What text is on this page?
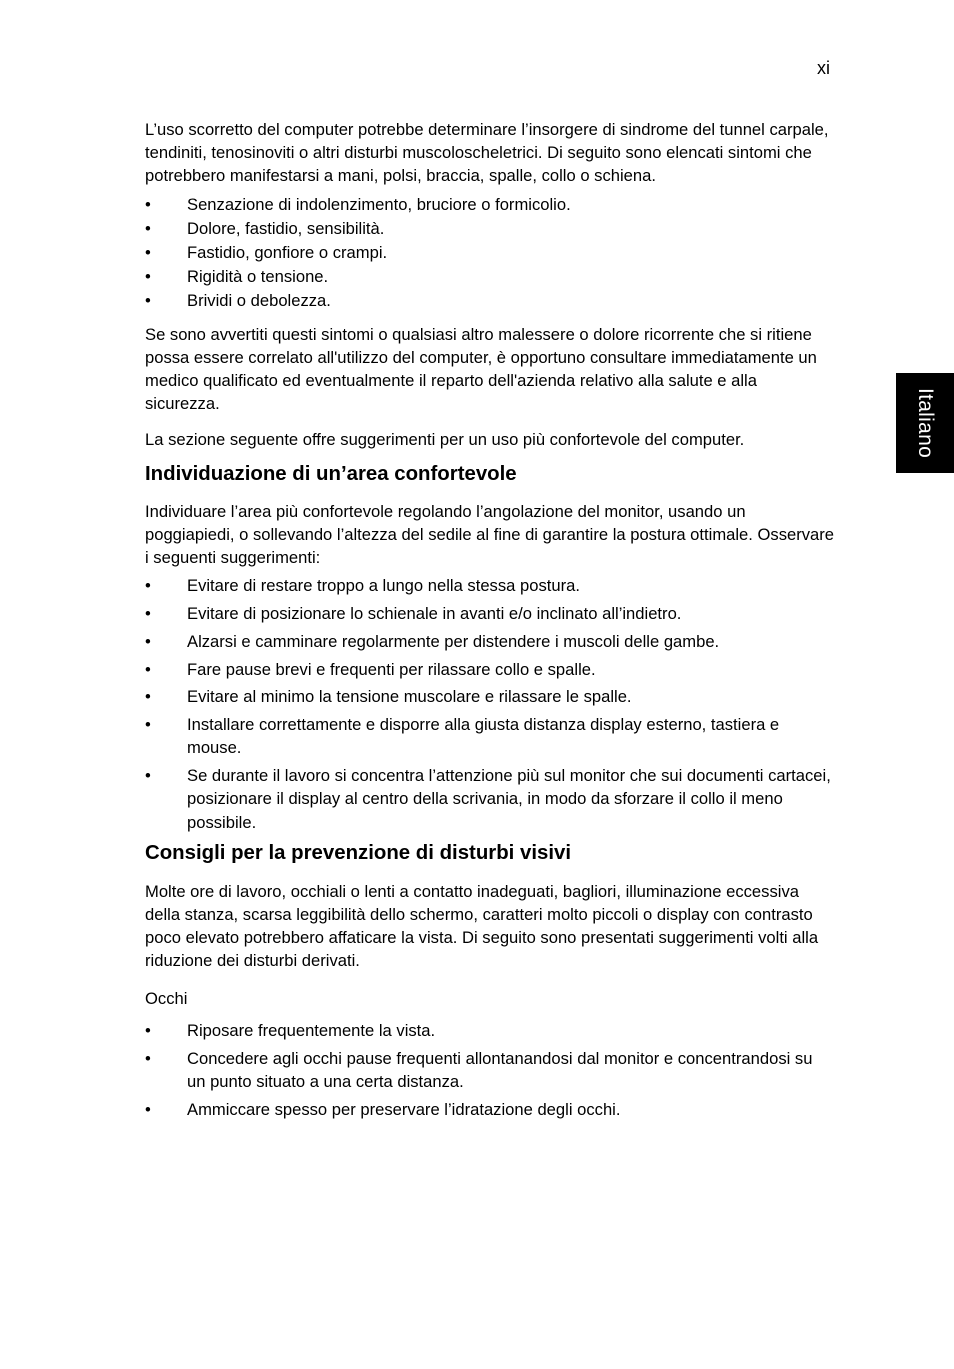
xi
Italiano

L’uso scorretto del computer potrebbe determinare l’insorgere di sindrome del tunnel carpale, tendiniti, tenosinoviti o altri disturbi muscoloscheletrici. Di seguito sono elencati sintomi che potrebbero manifestarsi a mani, polsi, braccia, spalle, collo o schiena.

• Senzazione di indolenzimento, bruciore o formicolio.
• Dolore, fastidio, sensibilità.
• Fastidio, gonfiore o crampi.
• Rigidità o tensione.
• Brividi o debolezza.

Se sono avvertiti questi sintomi o qualsiasi altro malessere o dolore ricorrente che si ritiene possa essere correlato all'utilizzo del computer, è opportuno consultare immediatamente un medico qualificato ed eventualmente il reparto dell'azienda relativo alla salute e alla sicurezza.

La sezione seguente offre suggerimenti per un uso più confortevole del computer.

Individuazione di un’area confortevole

Individuare l’area più confortevole regolando l’angolazione del monitor, usando un poggiapiedi, o sollevando l’altezza del sedile al fine di garantire la postura ottimale. Osservare i seguenti suggerimenti:

• Evitare di restare troppo a lungo nella stessa postura.
• Evitare di posizionare lo schienale in avanti e/o inclinato all’indietro.
• Alzarsi e camminare regolarmente per distendere i muscoli delle gambe.
• Fare pause brevi e frequenti per rilassare collo e spalle.
• Evitare al minimo la tensione muscolare e rilassare le spalle.
• Installare correttamente e disporre alla giusta distanza display esterno, tastiera e mouse.
• Se durante il lavoro si concentra l’attenzione più sul monitor che sui documenti cartacei, posizionare il display al centro della scrivania, in modo da sforzare il collo il meno possibile.
Consigli per la prevenzione di disturbi visivi

Molte ore di lavoro, occhiali o lenti a contatto inadeguati, bagliori, illuminazione eccessiva della stanza, scarsa leggibilità dello schermo, caratteri molto piccoli o display con contrasto poco elevato potrebbero affaticare la vista. Di seguito sono presentati suggerimenti volti alla riduzione dei disturbi derivati.

Occhi

• Riposare frequentemente la vista.
• Concedere agli occhi pause frequenti allontanandosi dal monitor e concentrandosi su un punto situato a una certa distanza.
• Ammiccare spesso per preservare l’idratazione degli occhi.
